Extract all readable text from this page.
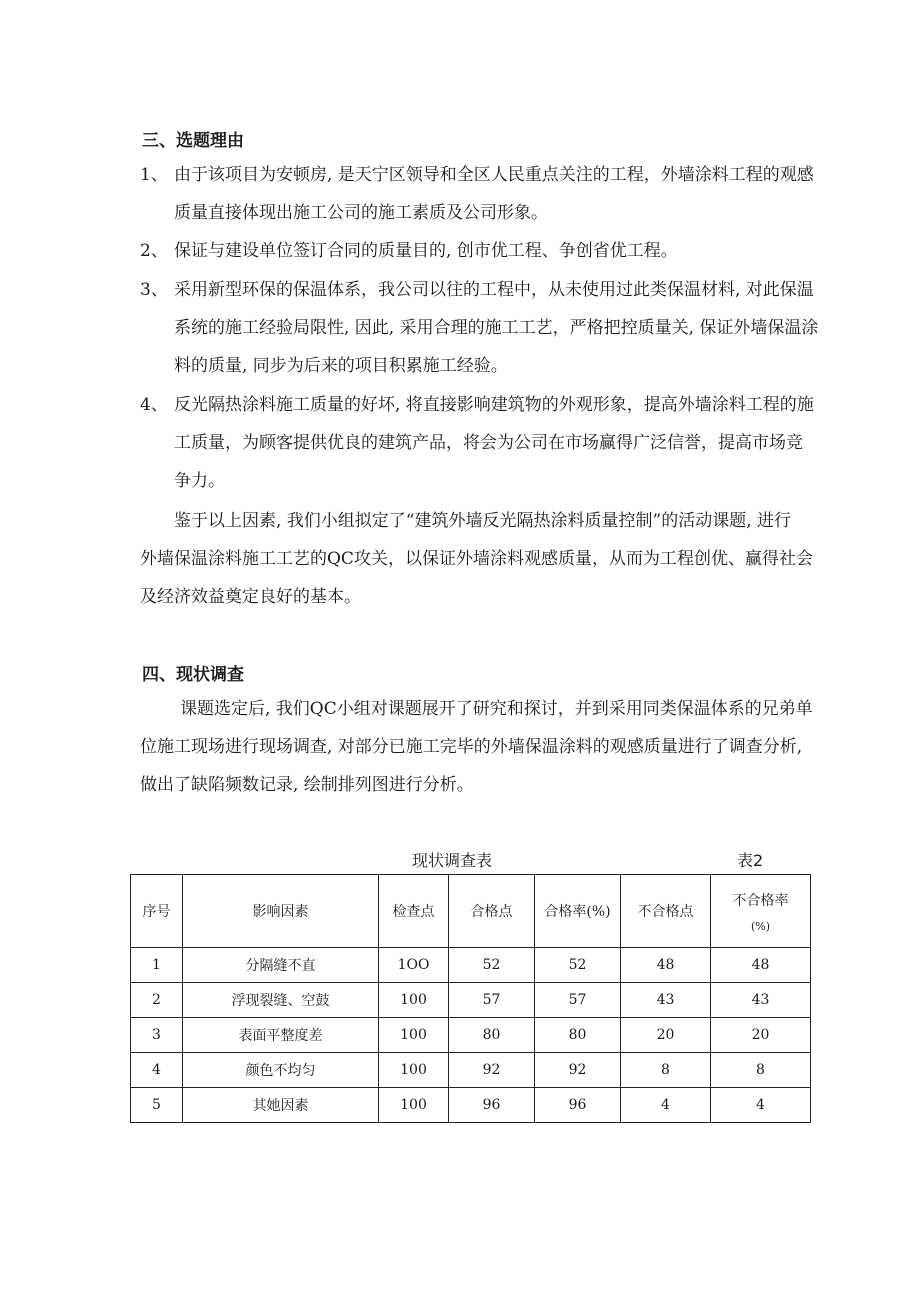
三、选题理由
1、 由于该项目为安顿房, 是天宁区领导和全区人民重点关注的工程，外墙涂料工程的观感
质量直接体现出施工公司的施工素质及公司形象。
2、 保证与建设单位签订合同的质量目的, 创市优工程、争创省优工程。
3、 采用新型环保的保温体系，我公司以往的工程中，从未使用过此类保温材料, 对此保温
系统的施工经验局限性, 因此, 采用合理的施工工艺，严格把控质量关, 保证外墙保温涂
料的质量, 同步为后来的项目积累施工经验。
4、 反光隔热涂料施工质量的好坏, 将直接影响建筑物的外观形象，提高外墙涂料工程的施
工质量，为顾客提供优良的建筑产品，将会为公司在市场赢得广泛信誉，提高市场竞
争力。
鉴于以上因素, 我们小组拟定了“建筑外墙反光隔热涂料质量控制”的活动课题, 进行
外墙保温涂料施工工艺的QC攻关，以保证外墙涂料观感质量，从而为工程创优、赢得社会
及经济效益奠定良好的基本。
四、现状调查
课题选定后, 我们QC小组对课题展开了研究和探讨，并到采用同类保温体系的兄弟单
位施工现场进行现场调查, 对部分已施工完毕的外墙保温涂料的观感质量进行了调查分析,
做出了缺陷频数记录, 绘制排列图进行分析。
现状调查表	表2
序号	影响因素	检查点	合格点	合格率(%)	不合格点	不合格率
(%)

1	分隔缝不直	1OO	52	52	48	48
2	浮现裂缝、空鼓	100	57	57	43	43
3	表面平整度差	100	80	80	20	20
4	颜色不均匀	100	92	92	8	8
5	其她因素	100	96	96	4	4
